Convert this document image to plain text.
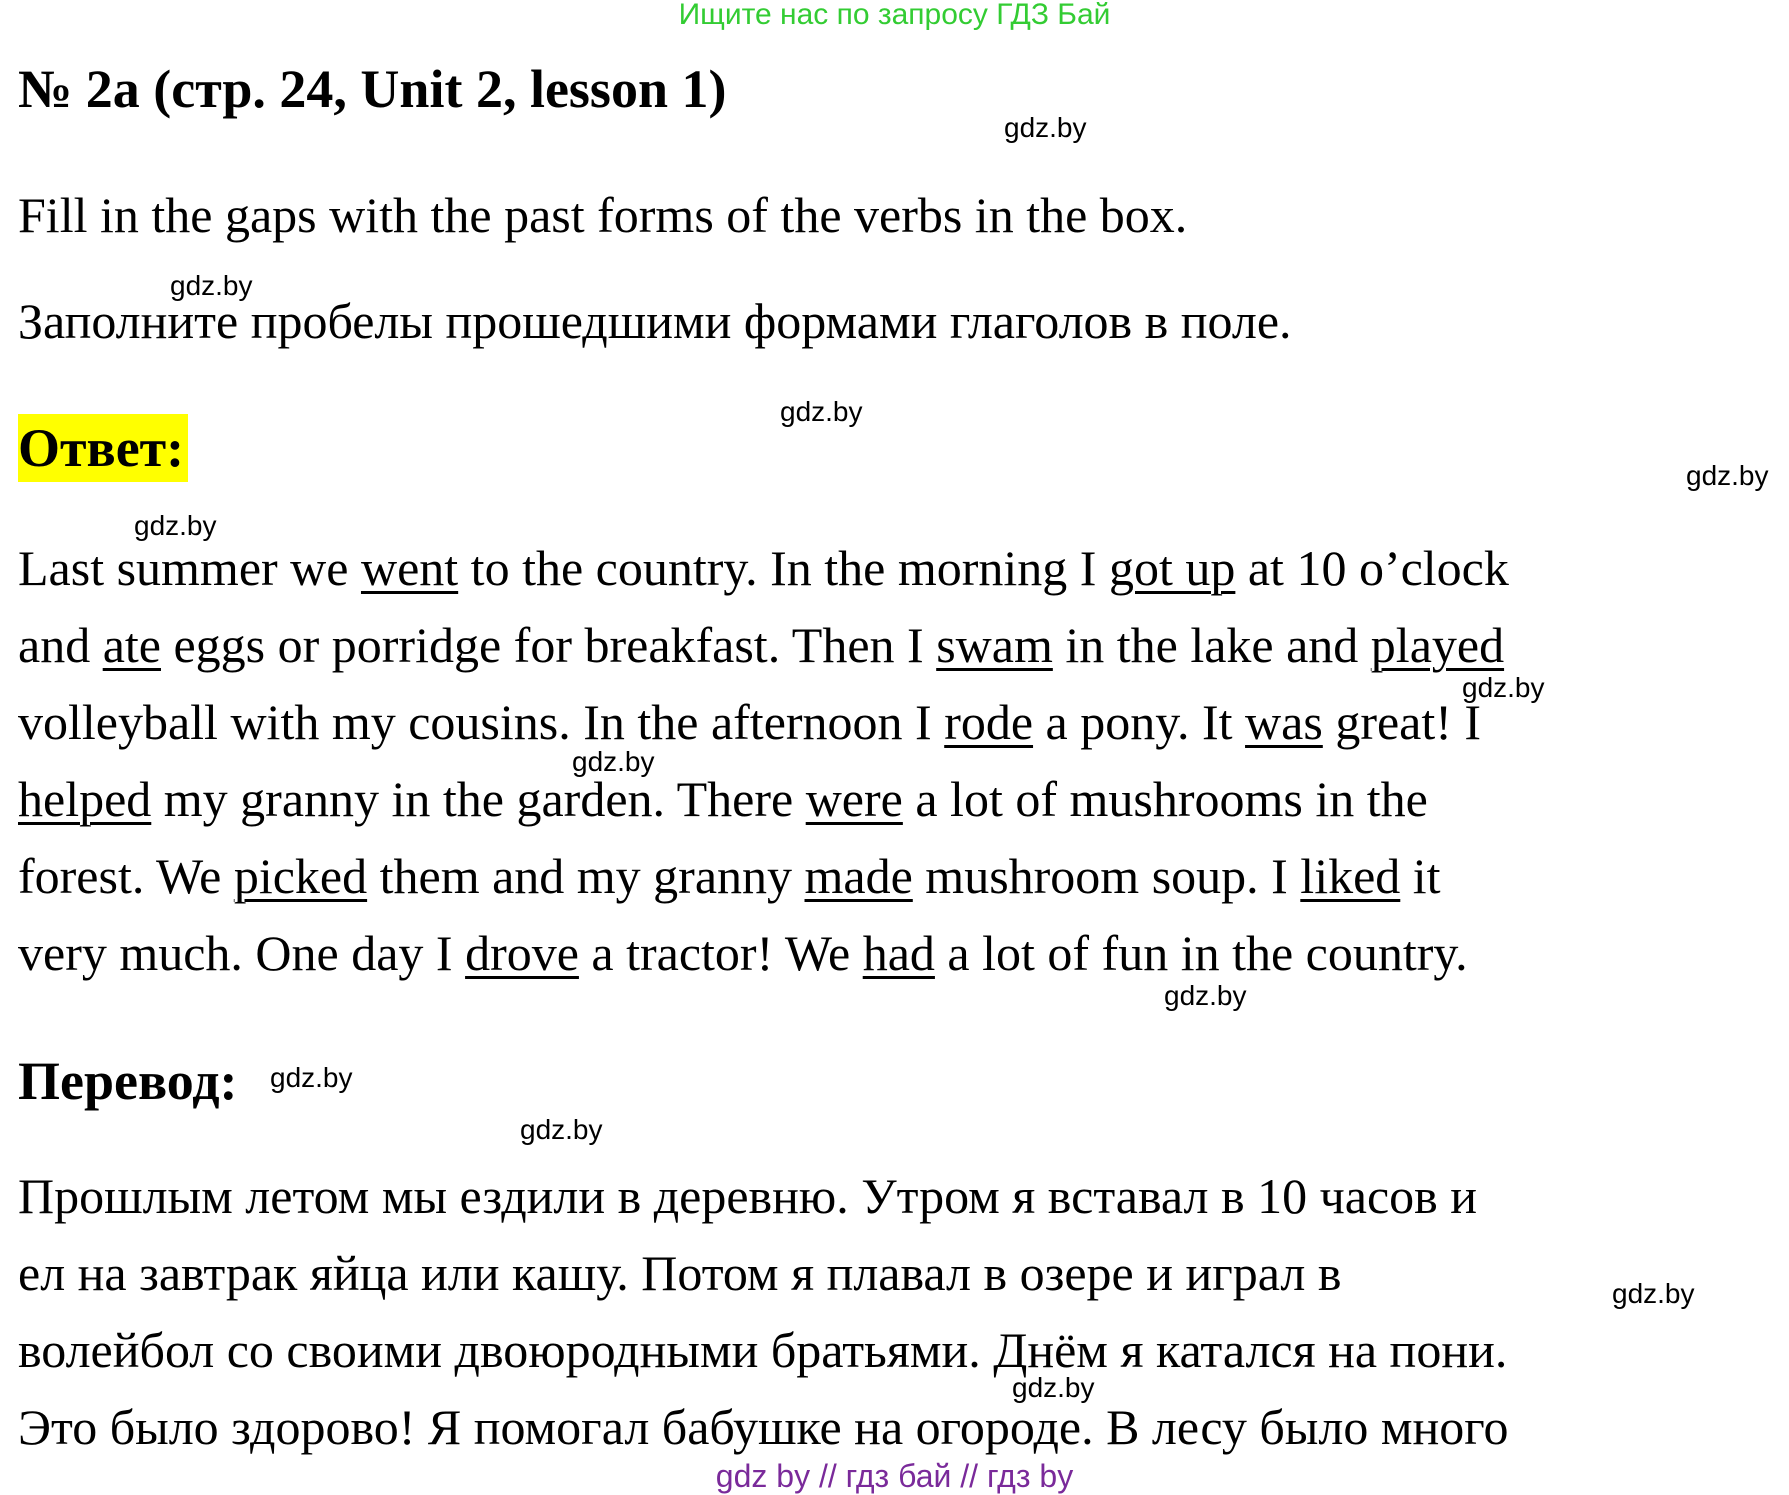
Ищите нас по запросу ГДЗ Бай
№ 2a (стр. 24, Unit 2, lesson 1)
Fill in the gaps with the past forms of the verbs in the box.
Заполните пробелы прошедшими формами глаголов в поле.
Ответ:
Last summer we went to the country. In the morning I got up at 10 o’clock
and ate eggs or porridge for breakfast. Then I swam in the lake and played
volleyball with my cousins. In the afternoon I rode a pony. It was great! I
helped my granny in the garden. There were a lot of mushrooms in the
forest. We picked them and my granny made mushroom soup. I liked it
very much. One day I drove a tractor! We had a lot of fun in the country.
Перевод:
Прошлым летом мы ездили в деревню. Утром я вставал в 10 часов и
ел на завтрак яйца или кашу. Потом я плавал в озере и играл в
волейбол со своими двоюродными братьями. Днём я катался на пони.
Это было здорово! Я помогал бабушке на огороде. В лесу было много
gdz.by
gdz.by
gdz.by
gdz.by
gdz.by
gdz.by
gdz.by
gdz.by
gdz.by
gdz.by
gdz.by
gdz.by
gdz by // гдз бай // гдз by
